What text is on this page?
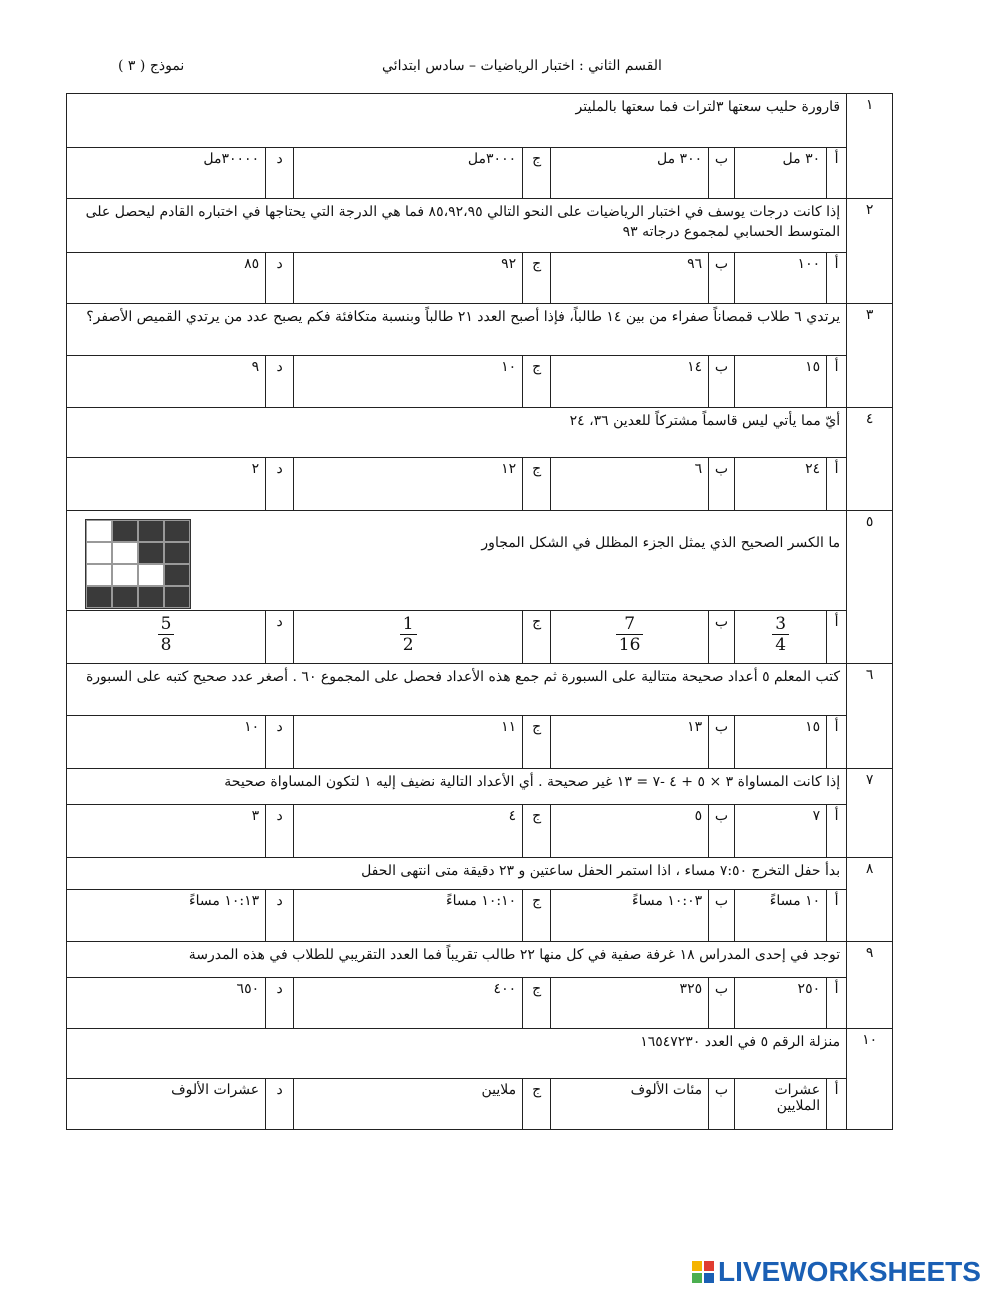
القسم الثاني : اختبار الرياضيات – سادس ابتدائي
نموذج ( ٣ )
١	قارورة حليب سعتها ٣لترات فما سعتها بالمليتر							
	أ	٣٠ مل	ب	٣٠٠ مل	ج	٣٠٠٠مل	د	٣٠٠٠٠مل
٢	إذا كانت درجات يوسف في اختبار الرياضيات على النحو التالي ٨٥،٩٢،٩٥ فما هي الدرجة التي يحتاجها في اختباره القادم ليحصل على المتوسط الحسابي لمجموع درجاته ٩٣							
	أ	١٠٠	ب	٩٦	ج	٩٢	د	٨٥
٣	يرتدي ٦ طلاب قمصاناً صفراء من بين ١٤ طالباً، فإذا أصبح العدد ٢١ طالباً وبنسبة متكافئة فكم يصبح عدد من يرتدي القميص الأصفر؟							
	أ	١٥	ب	١٤	ج	١٠	د	٩
٤	أيّ مما يأتي ليس قاسماً مشتركاً للعدين ٣٦، ٢٤							
	أ	٢٤	ب	٦	ج	١٢	د	٢
٥	ما الكسر الصحيح الذي يمثل الجزء المظلل في الشكل المجاور							

	أ	$\frac{3}{4}$	ب	$\frac{7}{16}$	ج	$\frac{1}{2}$	د	$\frac{5}{8}$

٦	كتب المعلم ٥ أعداد صحيحة متتالية على السبورة ثم جمع هذه الأعداد فحصل على المجموع ٦٠ . أصغر عدد صحيح كتبه على السبورة							
	أ	١٥	ب	١٣	ج	١١	د	١٠
٧	إذا كانت المساواة ٣ × ٥ + ٤ -٧ = ١٣ غير صحيحة . أي الأعداد التالية نضيف إليه ١ لتكون المساواة صحيحة							
	أ	٧	ب	٥	ج	٤	د	٣
٨	بدأ حفل التخرج ٧:٥٠ مساء ، اذا استمر الحفل ساعتين و ٢٣ دقيقة متى انتهى الحفل							
	أ	١٠ مساءً	ب	١٠:٠٣ مساءً	ج	١٠:١٠ مساءً	د	١٠:١٣ مساءً
٩	توجد في إحدى المدراس ١٨ غرفة صفية في كل منها ٢٢ طالب تقريباً فما العدد التقريبي للطلاب في هذه المدرسة							
	أ	٢٥٠	ب	٣٢٥	ج	٤٠٠	د	٦٥٠
١٠	منزلة الرقم ٥ في العدد ١٦٥٤٧٢٣٠							
	أ	عشرات الملايين	ب	مئات الألوف	ج	ملايين	د	عشرات الألوف
LIVEWORKSHEETS
